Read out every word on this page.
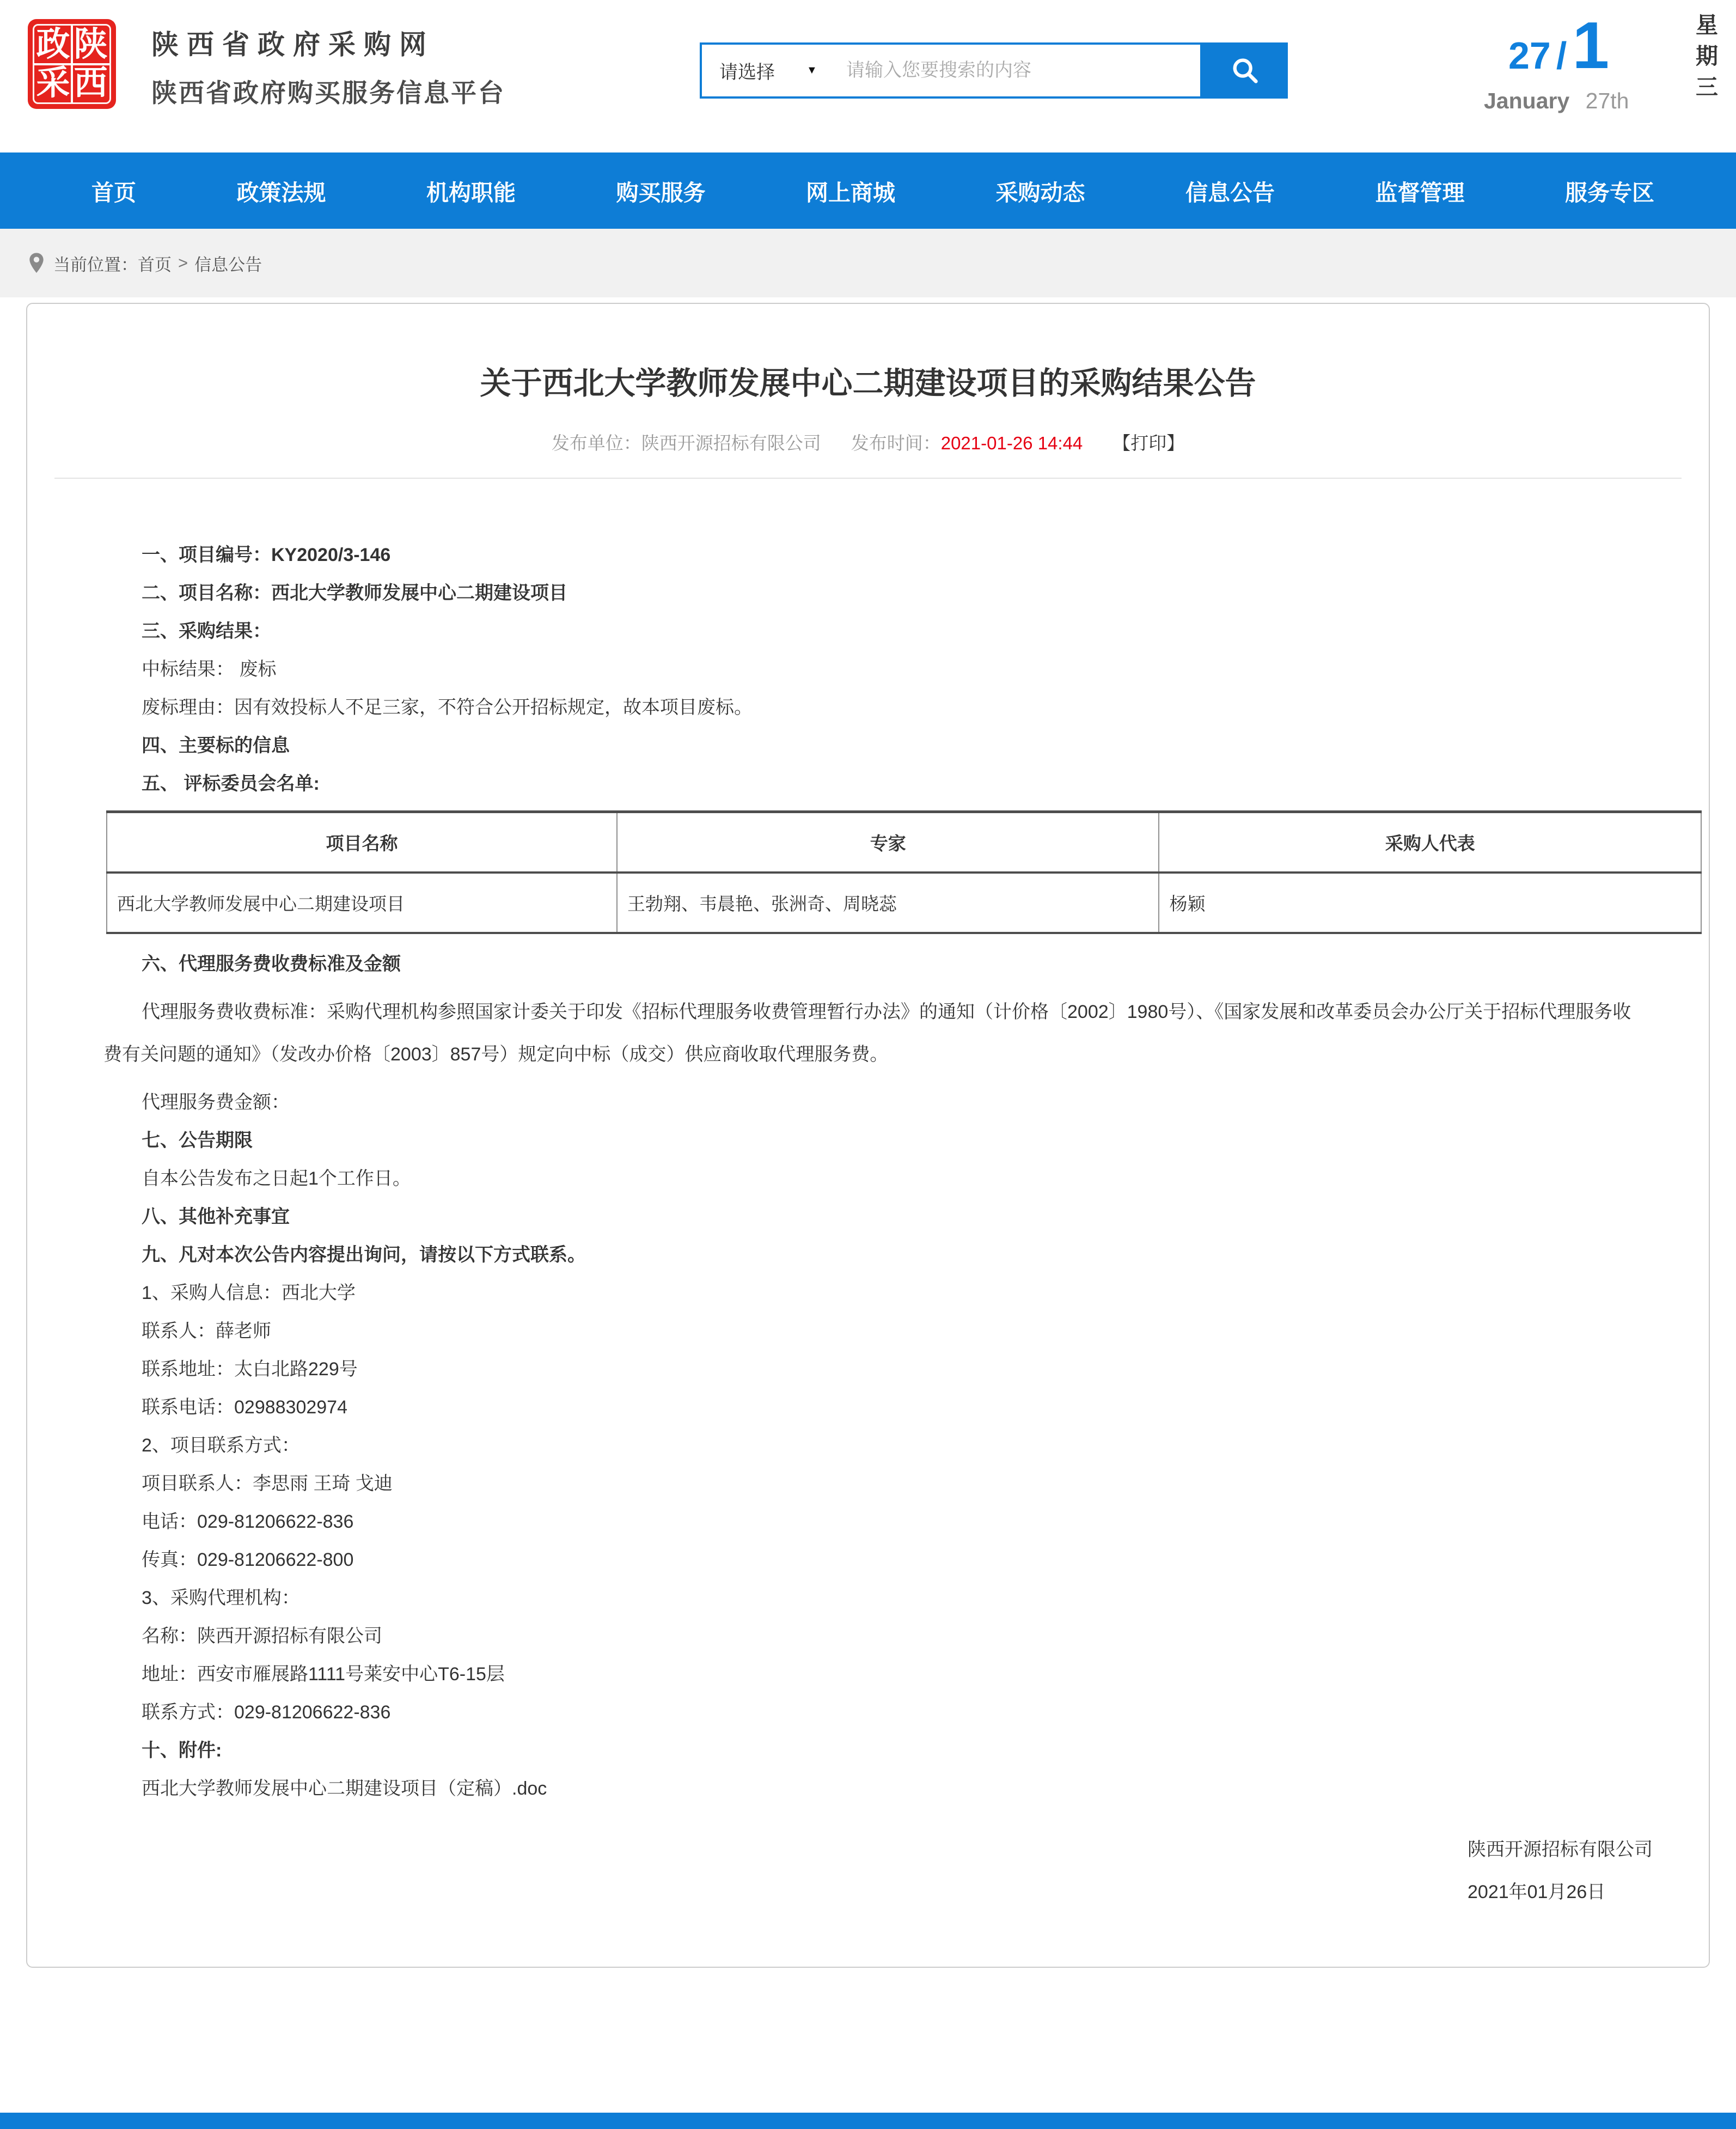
政 陕
采 西
陕西省政府采购网
陕西省政府购买服务信息平台
请选择	▼
请输入您要搜索的内容	27 / 1
January 27th
星
期
三
首页	政策法规	机构职能	购买服务	网上商城	采购动态	信息公告	监督管理	服务专区
当前位置： 首页 > 信息公告
关于西北大学教师发展中心二期建设项目的采购结果公告
发布单位：陕西开源招标有限公司 发布时间：2021-01-26 14:44 【打印】

一、项目编号：KY2020/3-146

二、项目名称：西北大学教师发展中心二期建设项目

三、采购结果：

中标结果： 废标

废标理由：因有效投标人不足三家，不符合公开招标规定，故本项目废标。

四、主要标的信息

五、 评标委员会名单:

项目名称	专家	采购人代表
西北大学教师发展中心二期建设项目	王勃翔、韦晨艳、张洲奇、周晓蕊	杨颖

六、代理服务费收费标准及金额

代理服务费收费标准：采购代理机构参照国家计委关于印发《招标代理服务收费管理暂行办法》的通知（计价格〔2002〕1980号）、《国家发展和改革委员会办公厅关于招标代理服务收费有关问题的通知》（发改办价格〔2003〕857号）规定向中标（成交）供应商收取代理服务费。

代理服务费金额：

七、公告期限

自本公告发布之日起1个工作日。

八、其他补充事宜

九、凡对本次公告内容提出询问，请按以下方式联系。

1、采购人信息：西北大学

联系人：薛老师

联系地址：太白北路229号

联系电话：02988302974

2、项目联系方式：

项目联系人：李思雨 王琦 戈迪

电话：029-81206622-836

传真：029-81206622-800

3、采购代理机构：

名称：陕西开源招标有限公司

地址：西安市雁展路1111号莱安中心T6-15层

联系方式：029-81206622-836

十、附件:

西北大学教师发展中心二期建设项目（定稿）.doc

陕西开源招标有限公司
2021年01月26日
